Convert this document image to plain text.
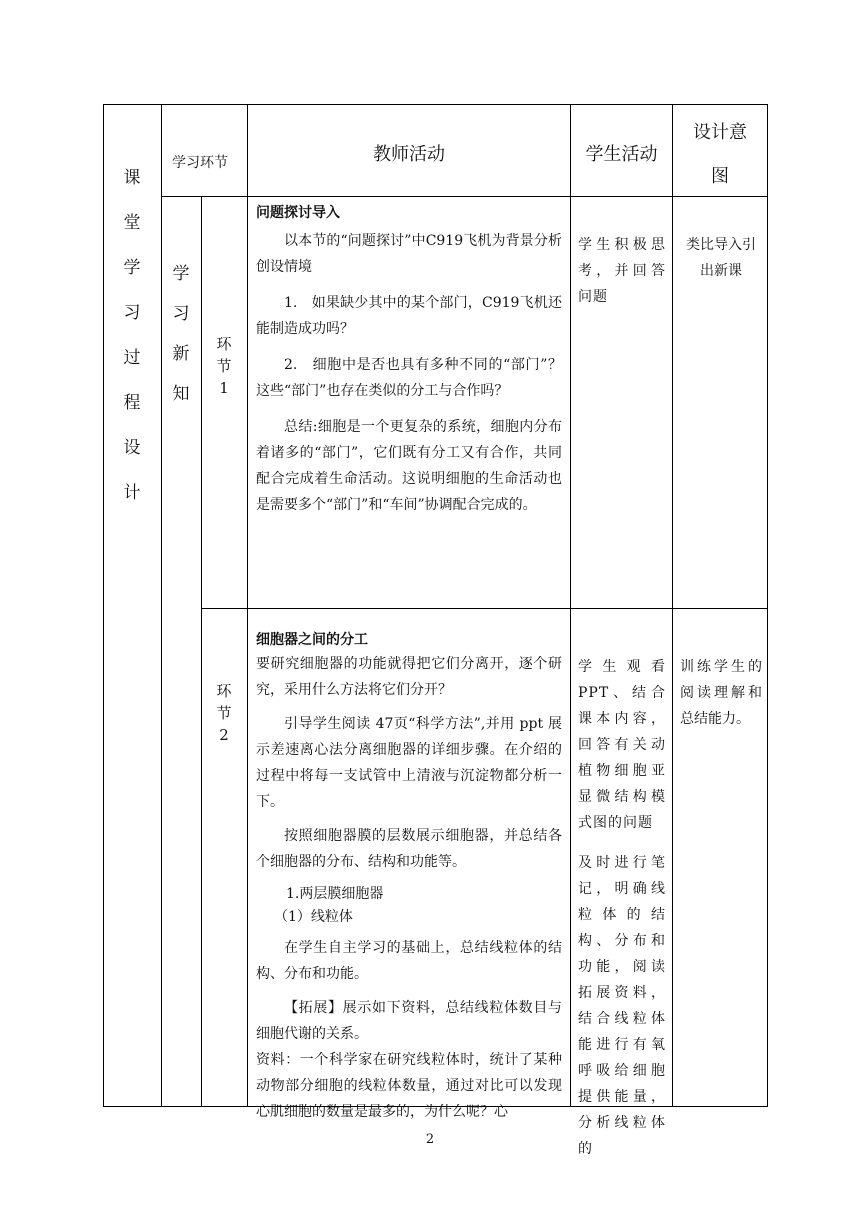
课
堂
学
习
过
程
设
计
学习环节	教师活动	学生活动
设计意
图
学
习
新
知
环
节
1

问题探讨导入

以本节的“问题探讨”中C919飞机为背景分析创设情境

1.　如果缺少其中的某个部门，C919飞机还能制造成功吗？

2.　细胞中是否也具有多种不同的“部门”？这些“部门”也存在类似的分工与合作吗？

总结:细胞是一个更复杂的系统，细胞内分布着诸多的“部门”，它们既有分工又有合作，共同配合完成着生命活动。这说明细胞的生命活动也是需要多个“部门”和“车间”协调配合完成的。

学生积极思考，并回答问题
类比导入引出新课
环
节
2

细胞器之间的分工

要研究细胞器的功能就得把它们分离开，逐个研究，采用什么方法将它们分开？

引导学生阅读 47页“科学方法”,并用 ppt 展示差速离心法分离细胞器的详细步骤。在介绍的过程中将每一支试管中上清液与沉淀物都分析一下。

按照细胞器膜的层数展示细胞器，并总结各个细胞器的分布、结构和功能等。

1.两层膜细胞器

（1）线粒体

在学生自主学习的基础上，总结线粒体的结构、分布和功能。

【拓展】展示如下资料，总结线粒体数目与细胞代谢的关系。

资料：一个科学家在研究线粒体时，统计了某种动物部分细胞的线粒体数量，通过对比可以发现心肌细胞的数量是最多的，为什么呢？心

学生观看PPT、结合课本内容，回答有关动植物细胞亚显微结构模式图的问题

及时进行笔记，明确线粒体的结构、分布和功能，阅读拓展资料，结合线粒体能进行有氧呼吸给细胞提供能量，分析线粒体的

训练学生的阅读理解和总结能力。
2
